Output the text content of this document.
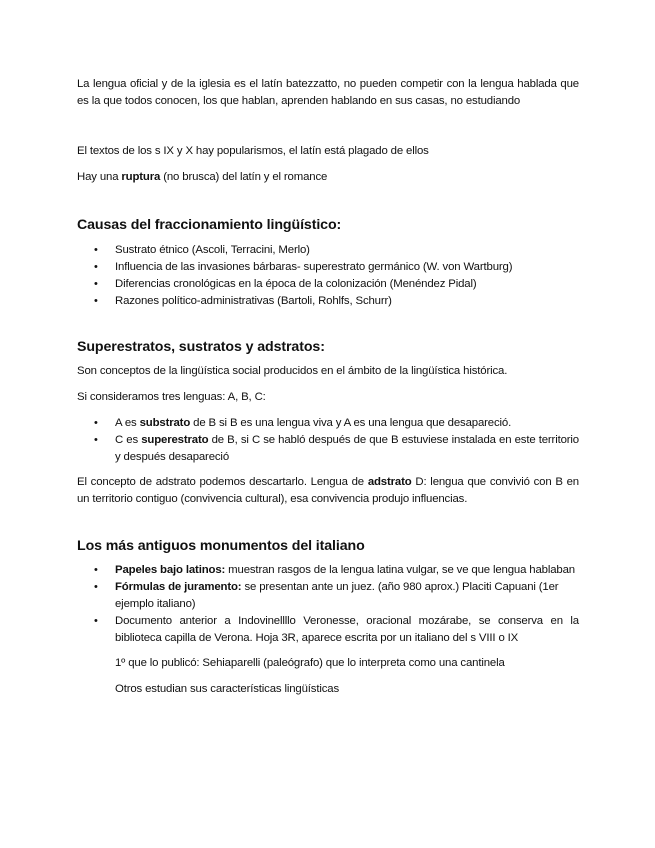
La lengua oficial y de la iglesia es el latín batezzatto, no pueden competir con la lengua hablada que es la que todos conocen, los que hablan, aprenden hablando en sus casas, no estudiando

El textos de los s IX y X hay popularismos, el latín está plagado de ellos

Hay una ruptura (no brusca) del latín y el romance

Causas del fraccionamiento lingüístico:
• Sustrato étnico (Ascoli, Terracini, Merlo)
• Influencia de las invasiones bárbaras- superestrato germánico (W. von Wartburg)
• Diferencias cronológicas en la época de la colonización (Menéndez Pidal)
• Razones político-administrativas (Bartoli, Rohlfs, Schurr)
Superestratos, sustratos y adstratos:

Son conceptos de la lingüística social producidos en el ámbito de la lingüística histórica.

Si consideramos tres lenguas: A, B, C:

• A es substrato de B si B es una lengua viva y A es una lengua que desapareció.
• C es superestrato de B, si C se habló después de que B estuviese instalada en este territorio y después desapareció

El concepto de adstrato podemos descartarlo. Lengua de adstrato D: lengua que convivió con B en un territorio contiguo (convivencia cultural), esa convivencia produjo influencias.

Los más antiguos monumentos del italiano
• Papeles bajo latinos: muestran rasgos de la lengua latina vulgar, se ve que lengua hablaban
• Fórmulas de juramento: se presentan ante un juez. (año 980 aprox.) Placiti Capuani (1er ejemplo italiano)
• Documento anterior a Indovinellllo Veronesse, oracional mozárabe, se conserva en la biblioteca capilla de Verona. Hoja 3R, aparece escrita por un italiano del s VIII o IX

1º que lo publicó: Sehiaparelli (paleógrafo) que lo interpreta como una cantinela

Otros estudian sus características lingüísticas
